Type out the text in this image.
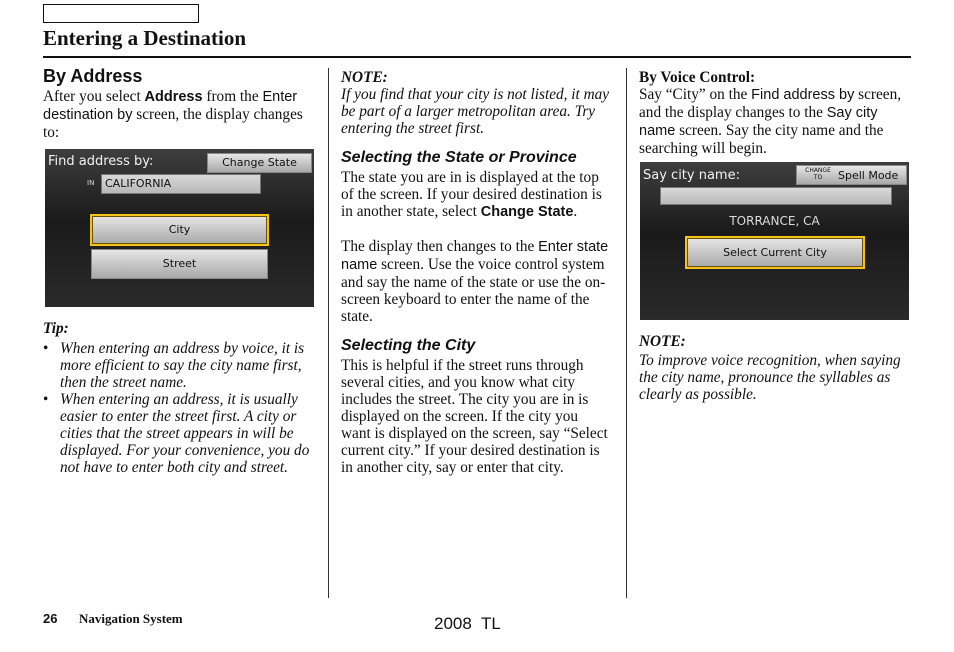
Entering a Destination
By Address

After you select Address from the Enter destination by screen, the display changes to:

Find address by:	Change State
IN CALIFORNIA
City
Street
Tip:
• When entering an address by voice, it is more efficient to say the city name first, then the street name.
• When entering an address, it is usually easier to enter the street first. A city or cities that the street appears in will be displayed. For your convenience, you do not have to enter both city and street.
NOTE:

If you find that your city is not listed, it may be part of a larger metropolitan area. Try entering the street first.

Selecting the State or Province

The state you are in is displayed at the top of the screen. If your desired destination is in another state, select Change State.

The display then changes to the Enter state name screen. Use the voice control system and say the name of the state or use the on-screen keyboard to enter the name of the state.

Selecting the City

This is helpful if the street runs through several cities, and you know what city includes the street. The city you are in is displayed on the screen. If the city you want is displayed on the screen, say “Select current city.” If your desired destination is in another city, say or enter that city.

By Voice Control:

Say “City” on the Find address by screen, and the display changes to the Say city name screen. Say the city name and the searching will begin.

Say city name:	CHANGE
TO	Spell Mode
TORRANCE, CA
Select Current City
NOTE:

To improve voice recognition, when saying the city name, pronounce the syllables as clearly as possible.

26 Navigation System	2008  TL
